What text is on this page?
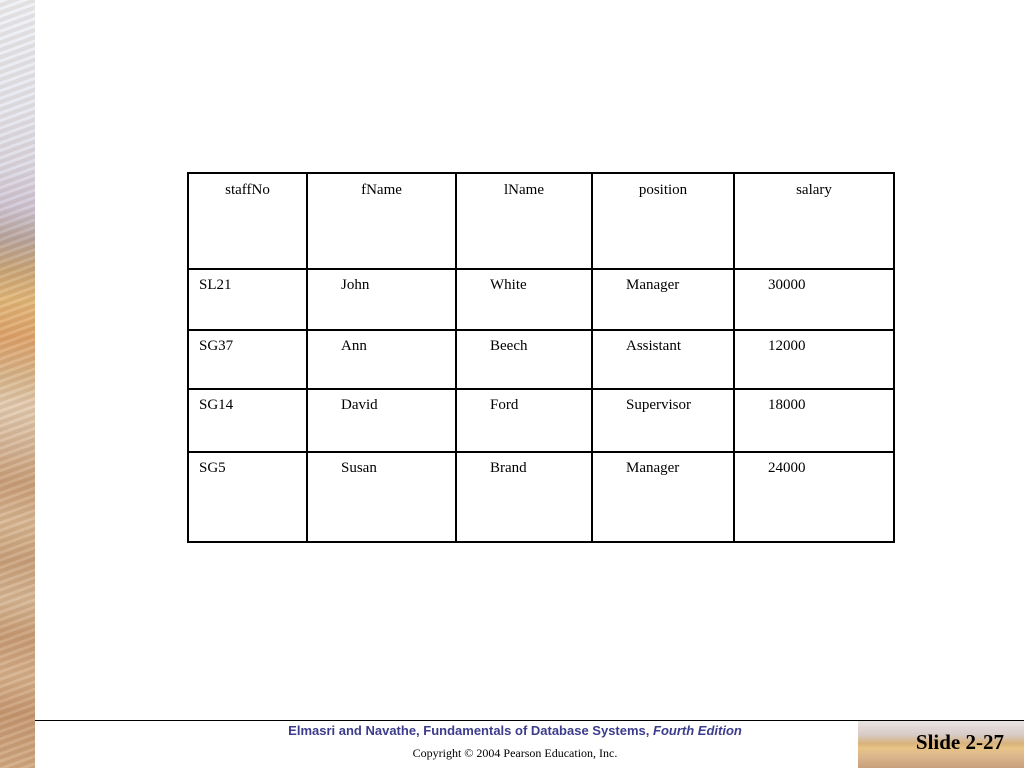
staffNo	fName	lName	position	salary
SL21	John	White	Manager	30000
SG37	Ann	Beech	Assistant	12000
SG14	David	Ford	Supervisor	18000
SG5	Susan	Brand	Manager	24000
Elmasri and Navathe, Fundamentals of Database Systems, Fourth Edition
Copyright © 2004 Pearson Education, Inc.	Slide 2-27
